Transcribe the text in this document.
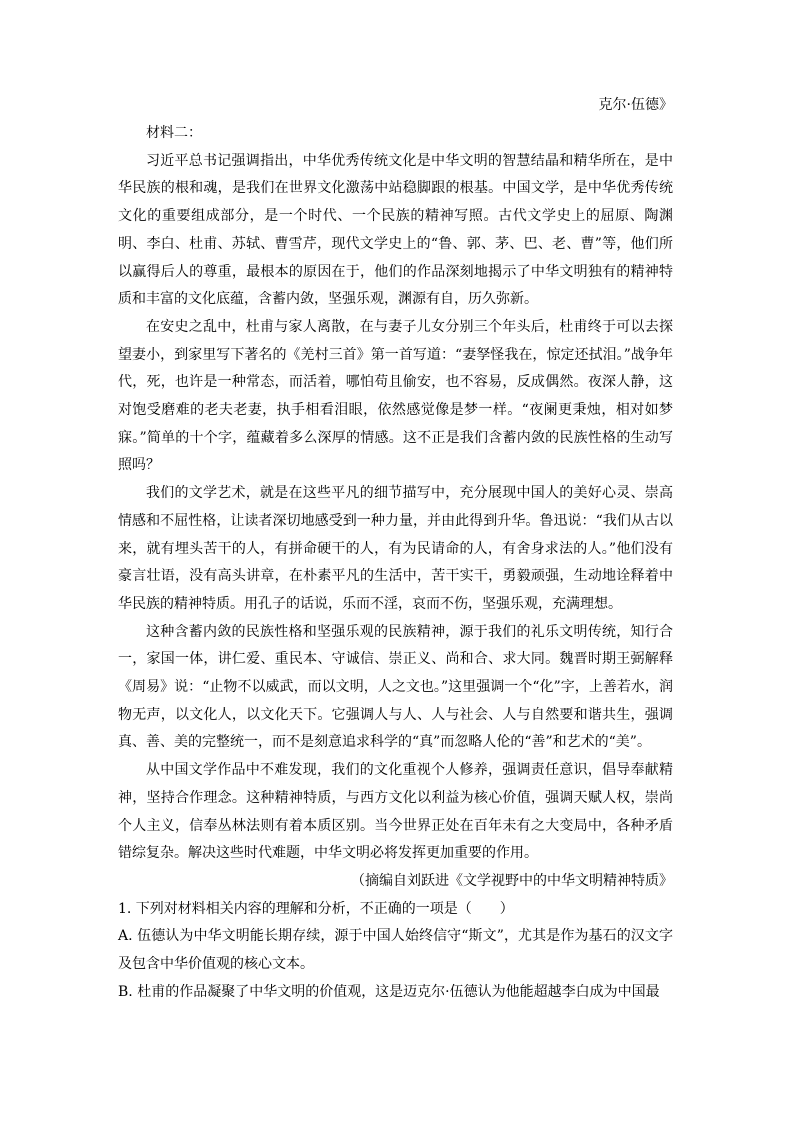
克尔·伍德》

材料二：

习近平总书记强调指出，中华优秀传统文化是中华文明的智慧结晶和精华所在，是中华民族的根和魂，是我们在世界文化激荡中站稳脚跟的根基。中国文学，是中华优秀传统文化的重要组成部分，是一个时代、一个民族的精神写照。古代文学史上的屈原、陶渊明、李白、杜甫、苏轼、曹雪芹，现代文学史上的“鲁、郭、茅、巴、老、曹”等，他们所以赢得后人的尊重，最根本的原因在于，他们的作品深刻地揭示了中华文明独有的精神特质和丰富的文化底蕴，含蓄内敛，坚强乐观，渊源有自，历久弥新。

在安史之乱中，杜甫与家人离散，在与妻子儿女分别三个年头后，杜甫终于可以去探望妻小，到家里写下著名的《羌村三首》第一首写道：“妻孥怪我在，惊定还拭泪。”战争年代，死，也许是一种常态，而活着，哪怕苟且偷安，也不容易，反成偶然。夜深人静，这对饱受磨难的老夫老妻，执手相看泪眼，依然感觉像是梦一样。“夜阑更秉烛，相对如梦寐。”简单的十个字，蕴藏着多么深厚的情感。这不正是我们含蓄内敛的民族性格的生动写照吗？

我们的文学艺术，就是在这些平凡的细节描写中，充分展现中国人的美好心灵、崇高情感和不屈性格，让读者深切地感受到一种力量，并由此得到升华。鲁迅说：“我们从古以来，就有埋头苦干的人，有拼命硬干的人，有为民请命的人，有舍身求法的人。”他们没有豪言壮语，没有高头讲章，在朴素平凡的生活中，苦干实干，勇毅顽强，生动地诠释着中华民族的精神特质。用孔子的话说，乐而不淫，哀而不伤，坚强乐观，充满理想。

这种含蓄内敛的民族性格和坚强乐观的民族精神，源于我们的礼乐文明传统，知行合一，家国一体，讲仁爱、重民本、守诚信、崇正义、尚和合、求大同。魏晋时期王弼解释《周易》说：“止物不以威武，而以文明，人之文也。”这里强调一个“化”字，上善若水，润物无声，以文化人，以文化天下。它强调人与人、人与社会、人与自然要和谐共生，强调真、善、美的完整统一，而不是刻意追求科学的“真”而忽略人伦的“善”和艺术的“美”。

从中国文学作品中不难发现，我们的文化重视个人修养，强调责任意识，倡导奉献精神，坚持合作理念。这种精神特质，与西方文化以利益为核心价值，强调天赋人权，崇尚个人主义，信奉丛林法则有着本质区别。当今世界正处在百年未有之大变局中，各种矛盾错综复杂。解决这些时代难题，中华文明必将发挥更加重要的作用。

（摘编自刘跃进《文学视野中的中华文明精神特质》

1. 下列对材料相关内容的理解和分析，不正确的一项是（　　）

A. 伍德认为中华文明能长期存续，源于中国人始终信守“斯文”，尤其是作为基石的汉文字及包含中华价值观的核心文本。

B. 杜甫的作品凝聚了中华文明的价值观，这是迈克尔·伍德认为他能超越李白成为中国最
